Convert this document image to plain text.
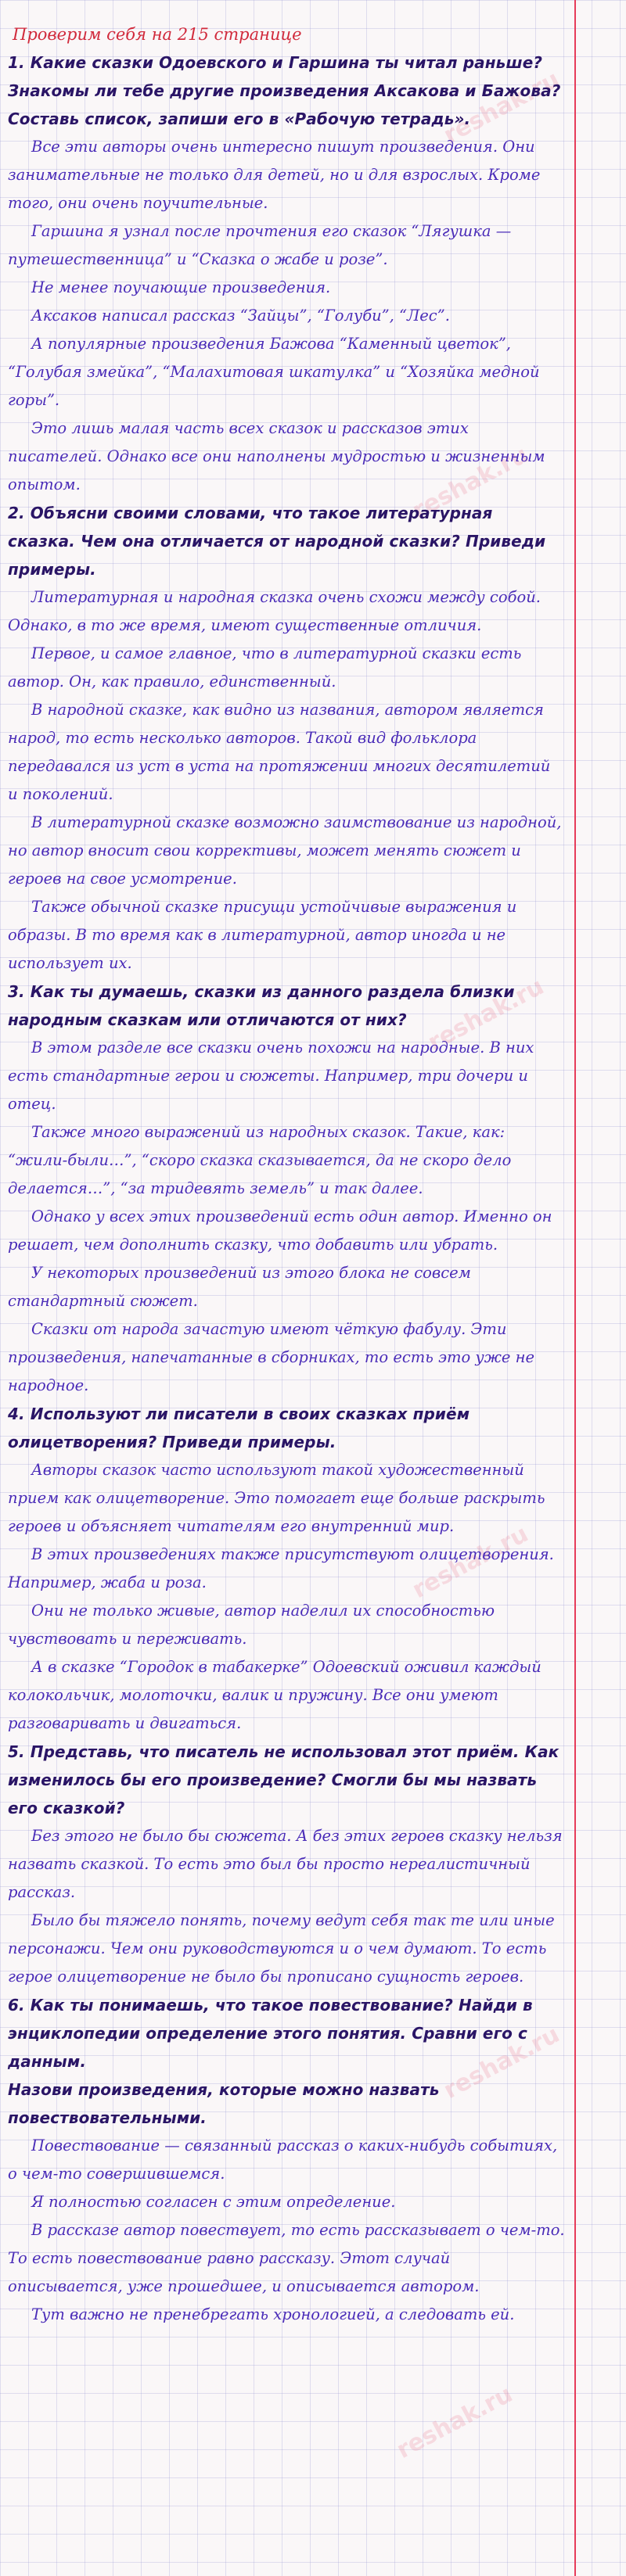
reshak.ru
reshak.ru
reshak.ru
reshak.ru
reshak.ru
reshak.ru
Проверим себя на 215 странице

1. Какие сказки Одоевского и Гаршина ты читал раньше? Знакомы ли тебе другие произведения Аксакова и Бажова? Составь список, запиши его в «Рабочую тетрадь».

Все эти авторы очень интересно пишут произведения. Они занимательные не только для детей, но и для взрослых. Кроме того, они очень поучительные.

Гаршина я узнал после прочтения его сказок “Лягушка — путешественница” и “Сказка о жабе и розе”.

Не менее поучающие произведения.

Аксаков написал рассказ “Зайцы”, “Голуби”, “Лес”.

А популярные произведения Бажова “Каменный цветок”, “Голубая змейка”, “Малахитовая шкатулка” и “Хозяйка медной горы”.

Это лишь малая часть всех сказок и рассказов этих писателей. Однако все они наполнены мудростью и жизненным опытом.

2. Объясни своими словами, что такое литературная сказка. Чем она отличается от народной сказки? Приведи примеры.

Литературная и народная сказка очень схожи между собой. Однако, в то же время, имеют существенные отличия.

Первое, и самое главное, что в литературной сказки есть автор. Он, как правило, единственный.

В народной сказке, как видно из названия, автором является народ, то есть несколько авторов. Такой вид фольклора передавался из уст в уста на протяжении многих десятилетий и поколений.

В литературной сказке возможно заимствование из народной, но автор вносит свои коррективы, может менять сюжет и героев на свое усмотрение.

Также обычной сказке присущи устойчивые выражения и образы. В то время как в литературной, автор иногда и не использует их.

3. Как ты думаешь, сказки из данного раздела близки народным сказкам или отличаются от них?

В этом разделе все сказки очень похожи на народные. В них есть стандартные герои и сюжеты. Например, три дочери и отец.

Также много выражений из народных сказок. Такие, как: “жили-были…”, “скоро сказка сказывается, да не скоро дело делается…”, “за тридевять земель” и так далее.

Однако у всех этих произведений есть один автор. Именно он решает, чем дополнить сказку, что добавить или убрать.

У некоторых произведений из этого блока не совсем стандартный сюжет.

Сказки от народа зачастую имеют чёткую фабулу. Эти произведения, напечатанные в сборниках, то есть это уже не народное.

4. Используют ли писатели в своих сказках приём олицетворения? Приведи примеры.

Авторы сказок часто используют такой художественный прием как олицетворение. Это помогает еще больше раскрыть героев и объясняет читателям его внутренний мир.

В этих произведениях также присутствуют олицетворения. Например, жаба и роза.

Они не только живые, автор наделил их способностью чувствовать и переживать.

А в сказке “Городок в табакерке” Одоевский оживил каждый колокольчик, молоточки, валик и пружину. Все они умеют разговаривать и двигаться.

5. Представь, что писатель не использовал этот приём. Как изменилось бы его произведение? Смогли бы мы назвать его сказкой?

Без этого не было бы сюжета. А без этих героев сказку нельзя назвать сказкой. То есть это был бы просто нереалистичный рассказ.

Было бы тяжело понять, почему ведут себя так те или иные персонажи. Чем они руководствуются и о чем думают. То есть герое олицетворение не было бы прописано сущность героев.

6. Как ты понимаешь, что такое повествование? Найди в энциклопедии определение этого понятия. Сравни его с данным.

Назови произведения, которые можно назвать повествовательными.

Повествование — связанный рассказ о каких-нибудь событиях, о чем-то совершившемся.

Я полностью согласен с этим определение.

В рассказе автор повествует, то есть рассказывает о чем-то. То есть повествование равно рассказу. Этот случай описывается, уже прошедшее, и описывается автором.

Тут важно не пренебрегать хронологией, а следовать ей.
